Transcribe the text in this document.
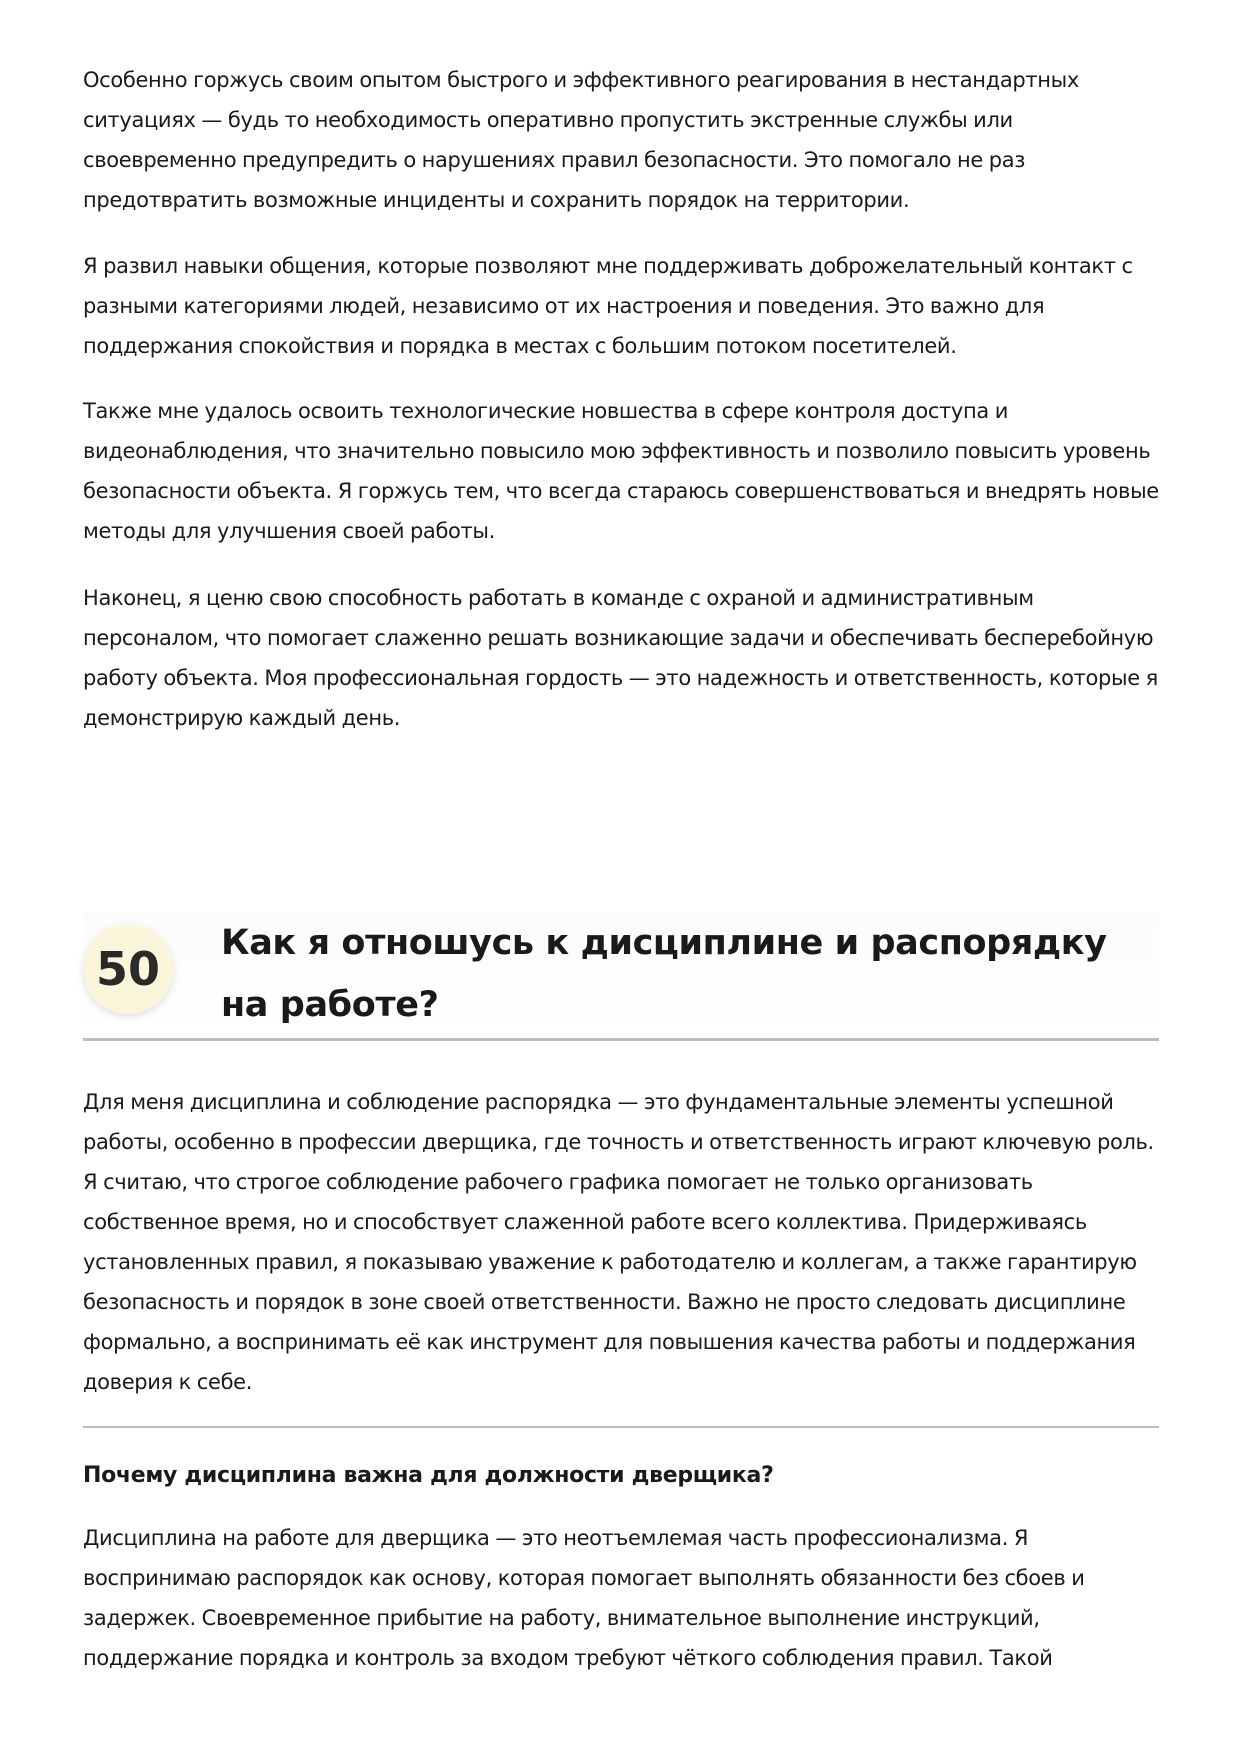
Особенно горжусь своим опытом быстрого и эффективного реагирования в нестандартных ситуациях — будь то необходимость оперативно пропустить экстренные службы или своевременно предупредить о нарушениях правил безопасности. Это помогало не раз предотвратить возможные инциденты и сохранить порядок на территории.

Я развил навыки общения, которые позволяют мне поддерживать доброжелательный контакт с разными категориями людей, независимо от их настроения и поведения. Это важно для поддержания спокойствия и порядка в местах с большим потоком посетителей.

Также мне удалось освоить технологические новшества в сфере контроля доступа и видеонаблюдения, что значительно повысило мою эффективность и позволило повысить уровень безопасности объекта. Я горжусь тем, что всегда стараюсь совершенствоваться и внедрять новые методы для улучшения своей работы.

Наконец, я ценю свою способность работать в команде с охраной и административным персоналом, что помогает слаженно решать возникающие задачи и обеспечивать бесперебойную работу объекта. Моя профессиональная гордость — это надежность и ответственность, которые я демонстрирую каждый день.

50	Как я отношусь к дисциплине и распорядку на работе?

Для меня дисциплина и соблюдение распорядка — это фундаментальные элементы успешной работы, особенно в профессии дверщика, где точность и ответственность играют ключевую роль. Я считаю, что строгое соблюдение рабочего графика помогает не только организовать собственное время, но и способствует слаженной работе всего коллектива. Придерживаясь установленных правил, я показываю уважение к работодателю и коллегам, а также гарантирую безопасность и порядок в зоне своей ответственности. Важно не просто следовать дисциплине формально, а воспринимать её как инструмент для повышения качества работы и поддержания доверия к себе.

Почему дисциплина важна для должности дверщика?

Дисциплина на работе для дверщика — это неотъемлемая часть профессионализма. Я воспринимаю распорядок как основу, которая помогает выполнять обязанности без сбоев и задержек. Своевременное прибытие на работу, внимательное выполнение инструкций, поддержание порядка и контроль за входом требуют чёткого соблюдения правил. Такой
